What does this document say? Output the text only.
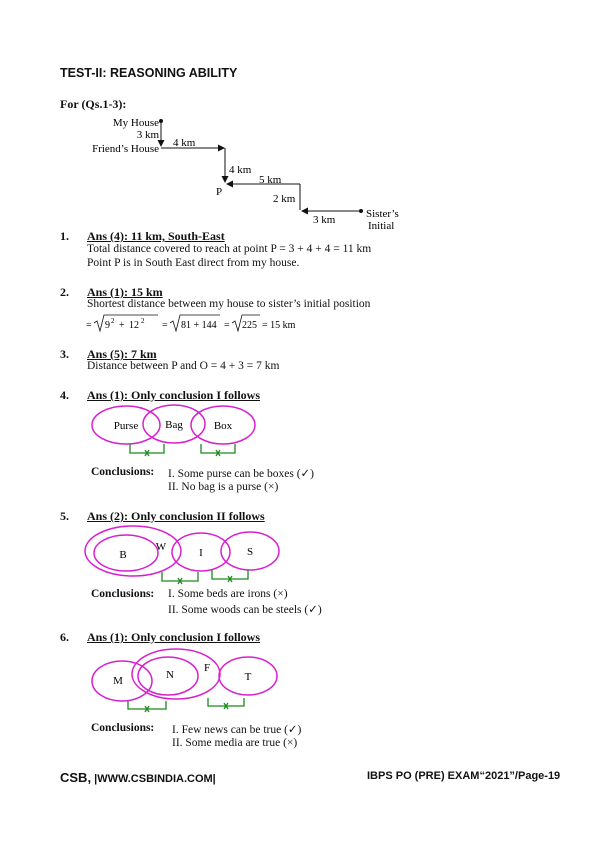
TEST-II: REASONING ABILITY
For (Qs.1-3):
My House
3 km
Friend’s House 4 km
4 km
P
5 km
2 km
3 km	Sister’s
Initial
1. Ans (4): 11 km, South-East
Total distance covered to reach at point P = 3 + 4 + 4 = 11 km
Point P is in South East direct from my house.
2. Ans (1): 15 km
Shortest distance between my house to sister’s initial position
= 9 2 + 12 2 = 81 + 144 = 225 = 15 km
3. Ans (5): 7 km
Distance between P and O = 4 + 3 = 7 km
4. Ans (1): Only conclusion I follows
Purse Bag	Box
Conclusions: I. Some purse can be boxes (✓)
II. No bag is a purse (×)
5. Ans (2): Only conclusion II follows
B
W	I	S
Conclusions: I. Some beds are irons (×)
II. Some woods can be steels (✓)
6. Ans (1): Only conclusion I follows
M	N
F
T
Conclusions: I. Few news can be true (✓)
II. Some media are true (×)
CSB, |WWW.CSBINDIA.COM|	IBPS PO (PRE) EXAM“2021”/Page-19
